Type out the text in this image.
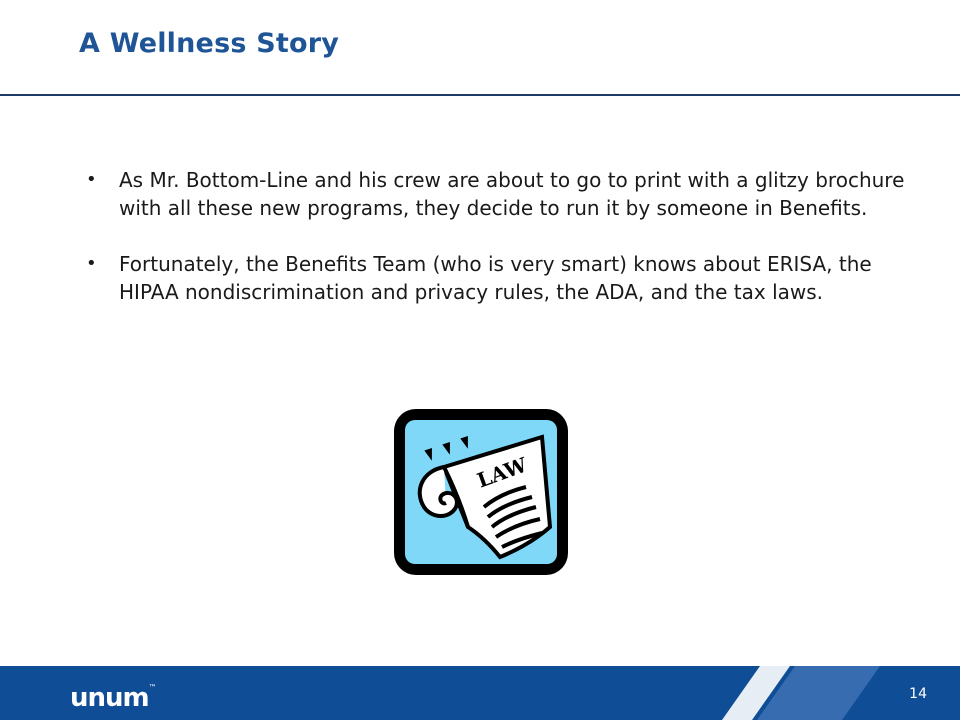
A Wellness Story
• As Mr. Bottom-Line and his crew are about to go to print with a glitzy brochure with all these new programs, they decide to run it by someone in Benefits.
• Fortunately, the Benefits Team (who is very smart) knows about ERISA, the HIPAA nondiscrimination and privacy rules, the ADA, and the tax laws.
LAW
unum™	14
